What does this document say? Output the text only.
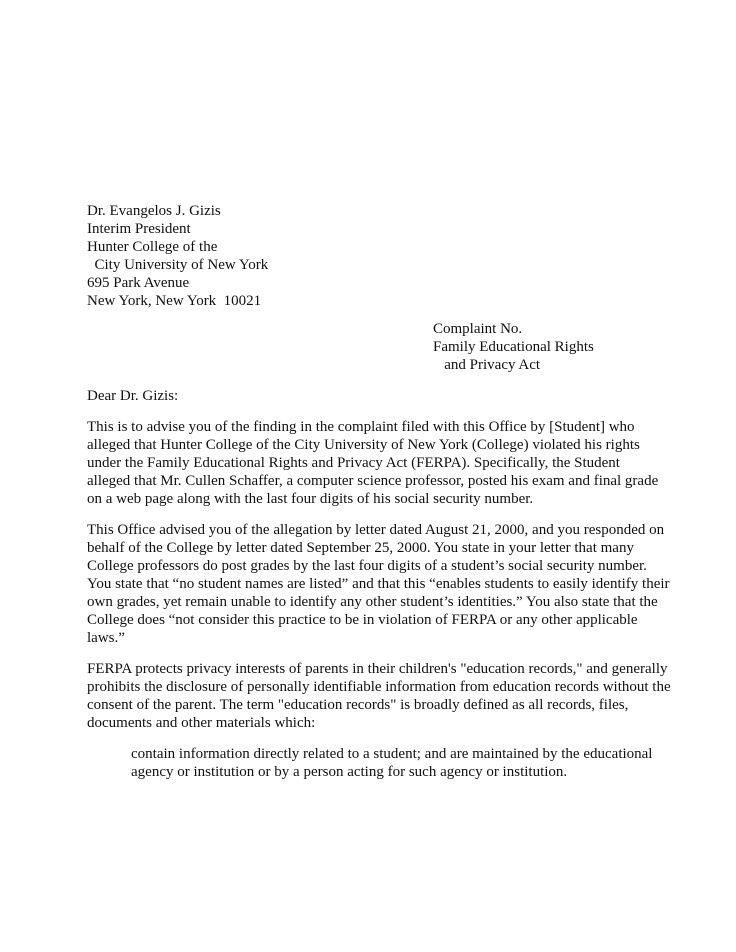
Dr. Evangelos J. Gizis
Interim President
Hunter College of the
City University of New York
695 Park Avenue
New York, New York  10021
Complaint No.
Family Educational Rights
and Privacy Act
Dear Dr. Gizis:
This is to advise you of the finding in the complaint filed with this Office by [Student] who
alleged that Hunter College of the City University of New York (College) violated his rights
under the Family Educational Rights and Privacy Act (FERPA). Specifically, the Student
alleged that Mr. Cullen Schaffer, a computer science professor, posted his exam and final grade
on a web page along with the last four digits of his social security number.
This Office advised you of the allegation by letter dated August 21, 2000, and you responded on
behalf of the College by letter dated September 25, 2000. You state in your letter that many
College professors do post grades by the last four digits of a student’s social security number.
You state that “no student names are listed” and that this “enables students to easily identify their
own grades, yet remain unable to identify any other student’s identities.” You also state that the
College does “not consider this practice to be in violation of FERPA or any other applicable
laws.”
FERPA protects privacy interests of parents in their children's "education records," and generally
prohibits the disclosure of personally identifiable information from education records without the
consent of the parent. The term "education records" is broadly defined as all records, files,
documents and other materials which:
contain information directly related to a student; and are maintained by the educational
agency or institution or by a person acting for such agency or institution.
